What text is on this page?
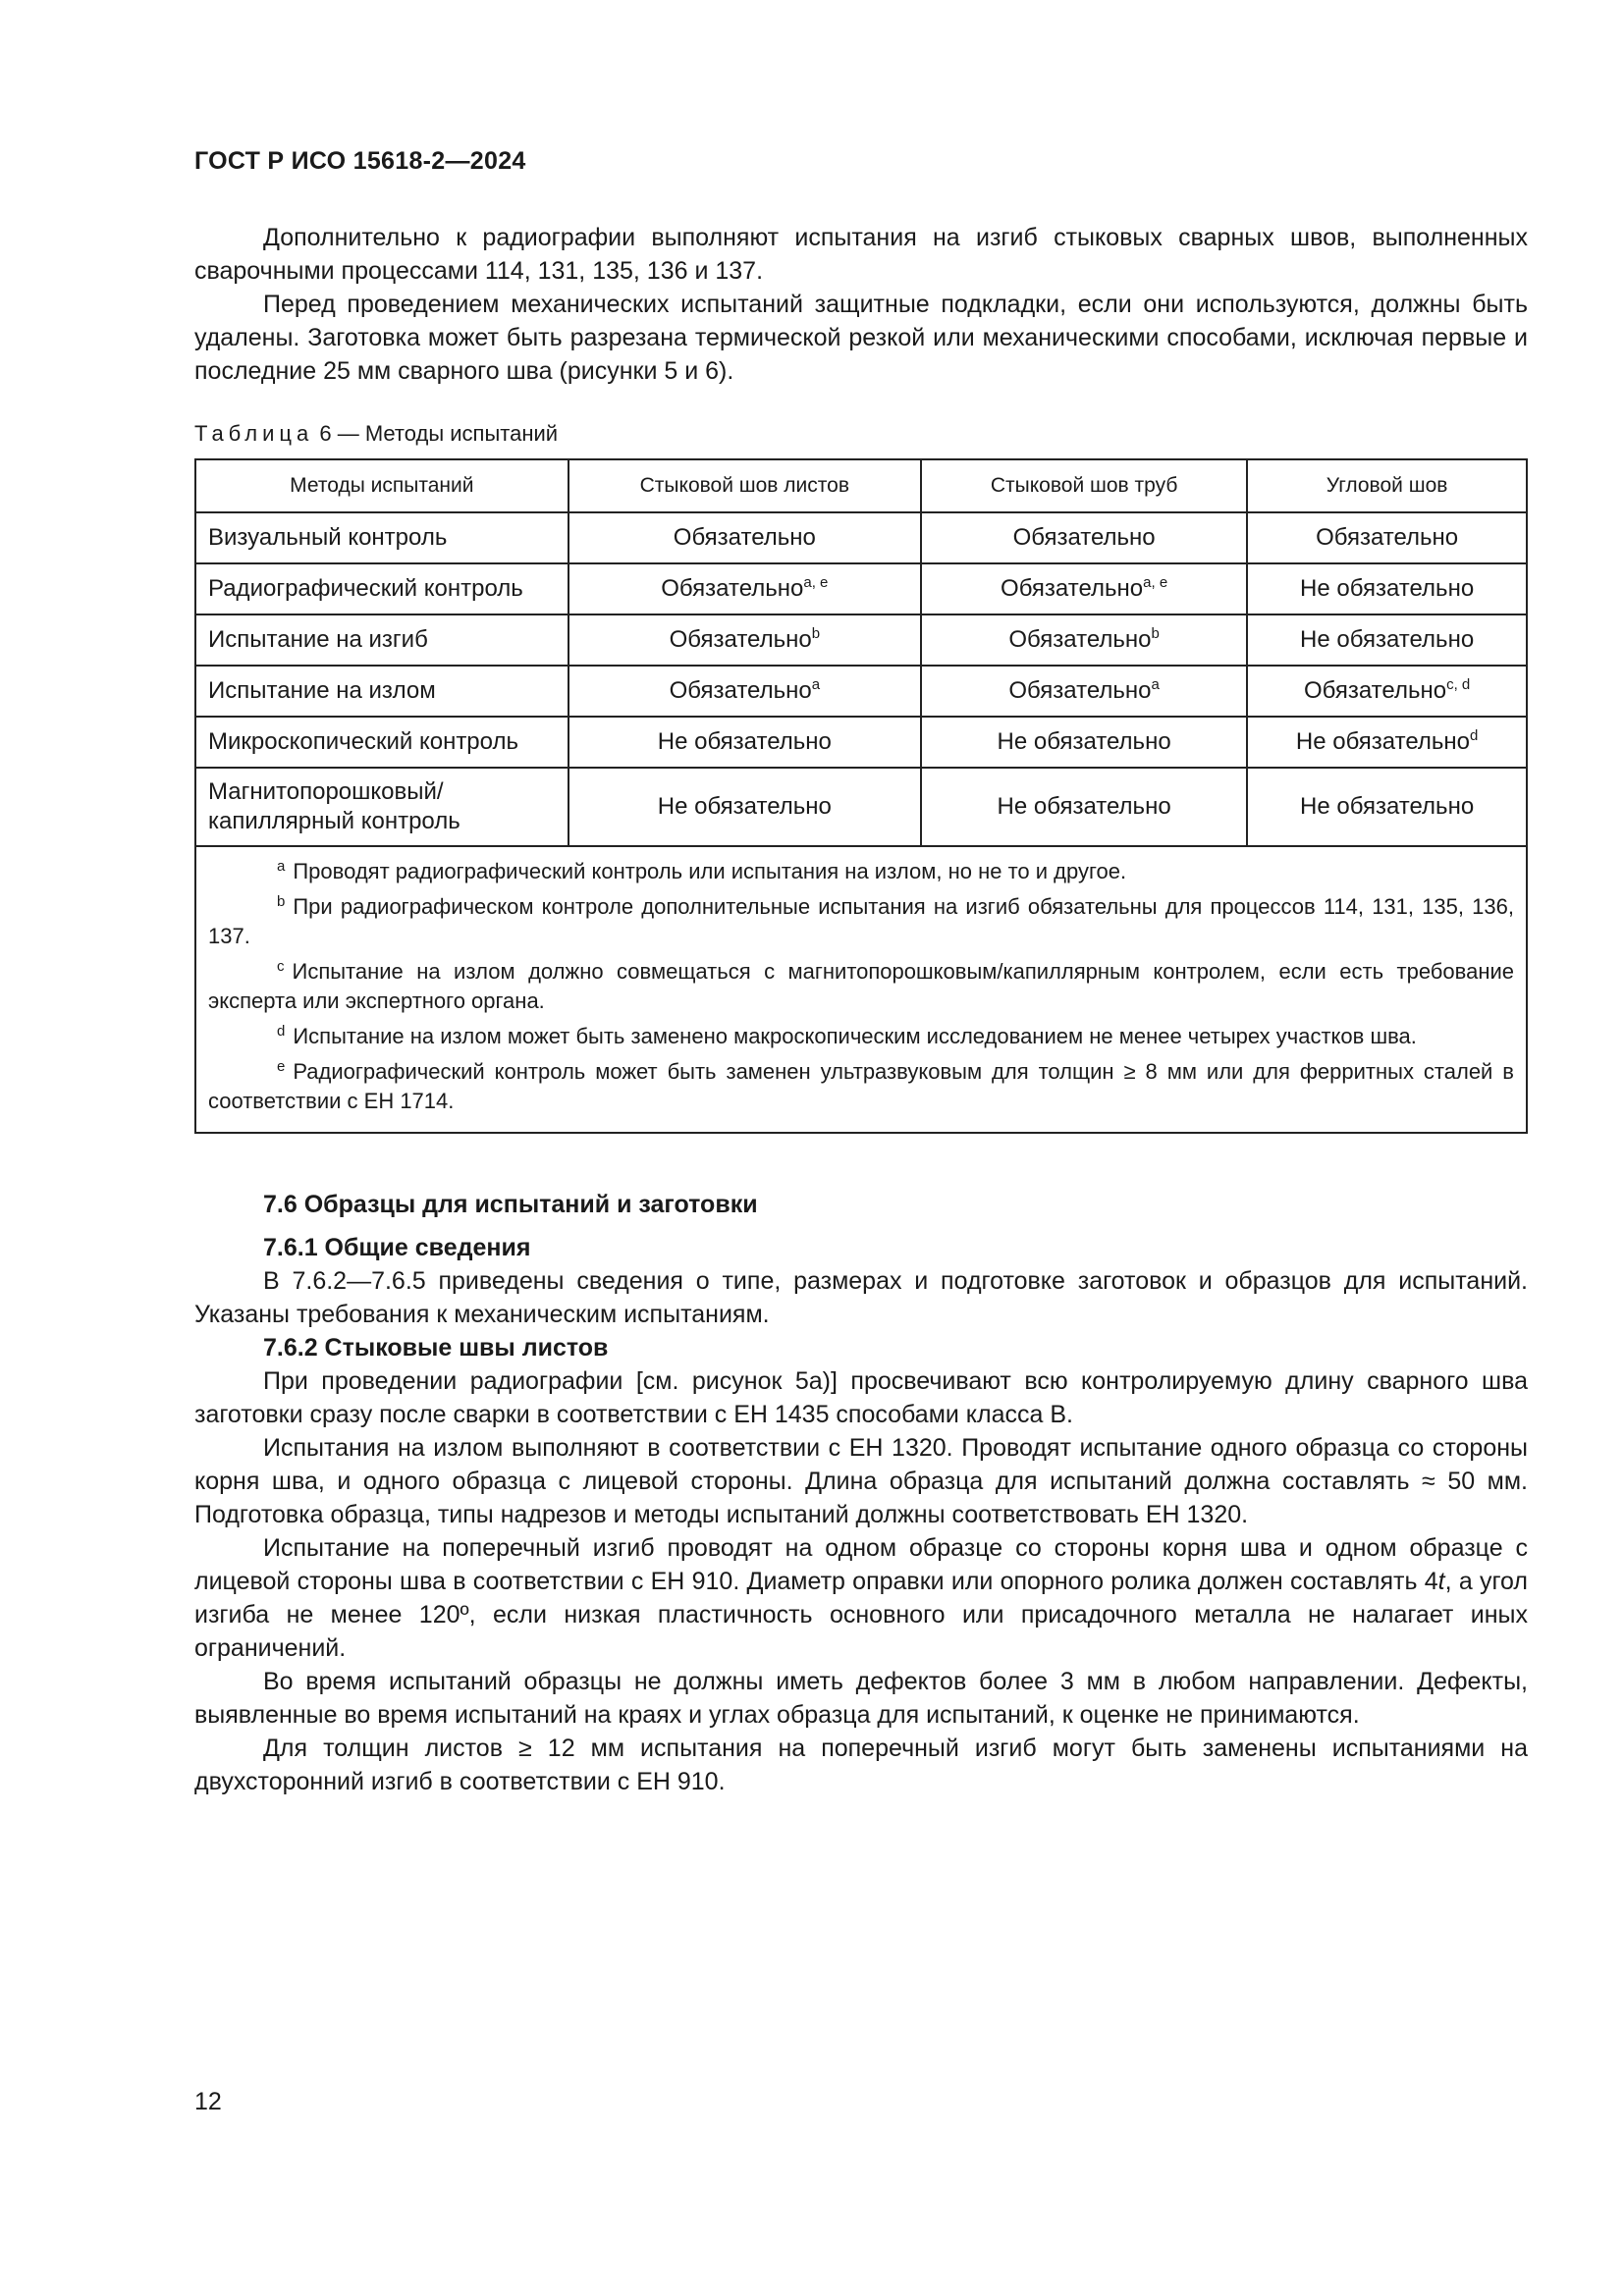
ГОСТ Р ИСО 15618-2—2024

Дополнительно к радиографии выполняют испытания на изгиб стыковых сварных швов, выполненных сварочными процессами 114, 131, 135, 136 и 137.

Перед проведением механических испытаний защитные подкладки, если они используются, должны быть удалены. Заготовка может быть разрезана термической резкой или механическими способами, исключая первые и последние 25 мм сварного шва (рисунки 5 и 6).

Таблица 6 — Методы испытаний
Методы испытаний	Стыковой шов листов	Стыковой шов труб	Угловой шов
Визуальный контроль	Обязательно	Обязательно	Обязательно
Радиографический контроль	Обязательно$^{a, e}$	Обязательно$^{a, e}$	Не обязательно
Испытание на изгиб	Обязательно$^b$	Обязательно$^b$	Не обязательно
Испытание на излом	Обязательно$^a$	Обязательно$^a$	Обязательно$^{c, d}$
Микроскопический контроль	Не обязательно	Не обязательно	Не обязательно$^d$
Магнитопорошковый/ капиллярный контроль	Не обязательно	Не обязательно	Не обязательно

$^a$ Проводят радиографический контроль или испытания на излом, но не то и другое.

$^b$ При радиографическом контроле дополнительные испытания на изгиб обязательны для процессов 114, 131, 135, 136, 137.

$^c$ Испытание на излом должно совмещаться с магнитопорошковым/капиллярным контролем, если есть требование эксперта или экспертного органа.

$^d$ Испытание на излом может быть заменено макроскопическим исследованием не менее четырех участков шва.

$^e$ Радиографический контроль может быть заменен ультразвуковым для толщин ≥ 8 мм или для ферритных сталей в соответствии с ЕН 1714.			

7.6 Образцы для испытаний и заготовки
7.6.1 Общие сведения

В 7.6.2—7.6.5 приведены сведения о типе, размерах и подготовке заготовок и образцов для испытаний. Указаны требования к механическим испытаниям.

7.6.2 Стыковые швы листов

При проведении радиографии [см. рисунок 5а)] просвечивают всю контролируемую длину сварного шва заготовки сразу после сварки в соответствии с ЕН 1435 способами класса В.

Испытания на излом выполняют в соответствии с ЕН 1320. Проводят испытание одного образца со стороны корня шва, и одного образца с лицевой стороны. Длина образца для испытаний должна составлять ≈ 50 мм. Подготовка образца, типы надрезов и методы испытаний должны соответствовать ЕН 1320.

Испытание на поперечный изгиб проводят на одном образце со стороны корня шва и одном образце с лицевой стороны шва в соответствии с ЕН 910. Диаметр оправки или опорного ролика должен составлять 4t, а угол изгиба не менее 120º, если низкая пластичность основного или присадочного металла не налагает иных ограничений.

Во время испытаний образцы не должны иметь дефектов более 3 мм в любом направлении. Дефекты, выявленные во время испытаний на краях и углах образца для испытаний, к оценке не принимаются.

Для толщин листов ≥ 12 мм испытания на поперечный изгиб могут быть заменены испытаниями на двухсторонний изгиб в соответствии с ЕН 910.

12
